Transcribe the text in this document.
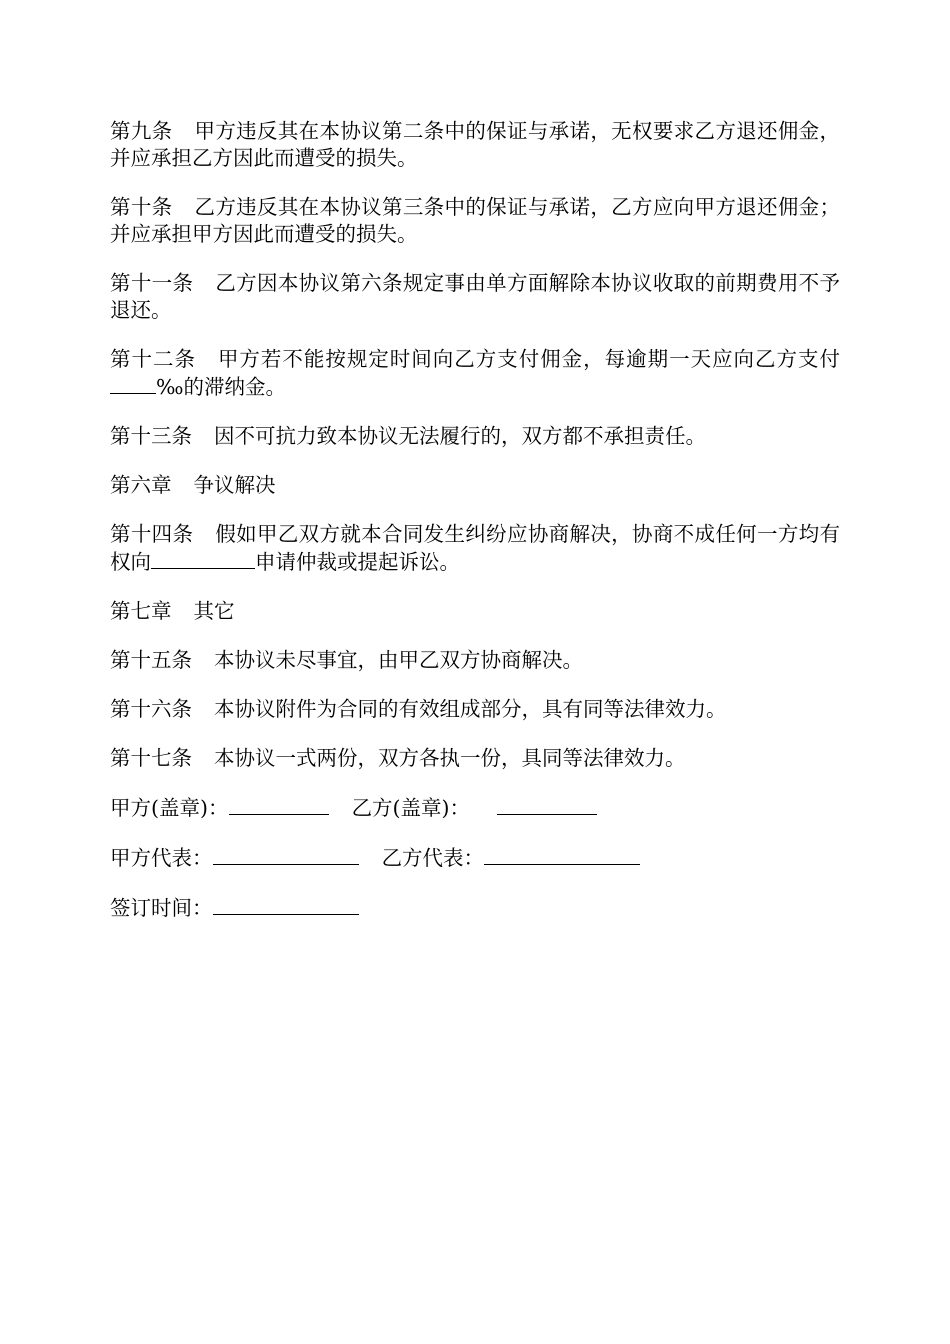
第九条 甲方违反其在本协议第二条中的保证与承诺，无权要求乙方退还佣金，并应承担乙方因此而遭受的损失。

第十条 乙方违反其在本协议第三条中的保证与承诺，乙方应向甲方退还佣金；并应承担甲方因此而遭受的损失。

第十一条 乙方因本协议第六条规定事由单方面解除本协议收取的前期费用不予退还。

第十二条 甲方若不能按规定时间向乙方支付佣金，每逾期一天应向乙方支付‰的滞纳金。

第十三条 因不可抗力致本协议无法履行的，双方都不承担责任。

第六章 争议解决

第十四条 假如甲乙双方就本合同发生纠纷应协商解决，协商不成任何一方均有权向	申请仲裁或提起诉讼。

第七章 其它

第十五条 本协议未尽事宜，由甲乙双方协商解决。

第十六条 本协议附件为合同的有效组成部分，具有同等法律效力。

第十七条 本协议一式两份，双方各执一份，具同等法律效力。

甲方(盖章)：	乙方(盖章)：
甲方代表：	乙方代表：
签订时间：
